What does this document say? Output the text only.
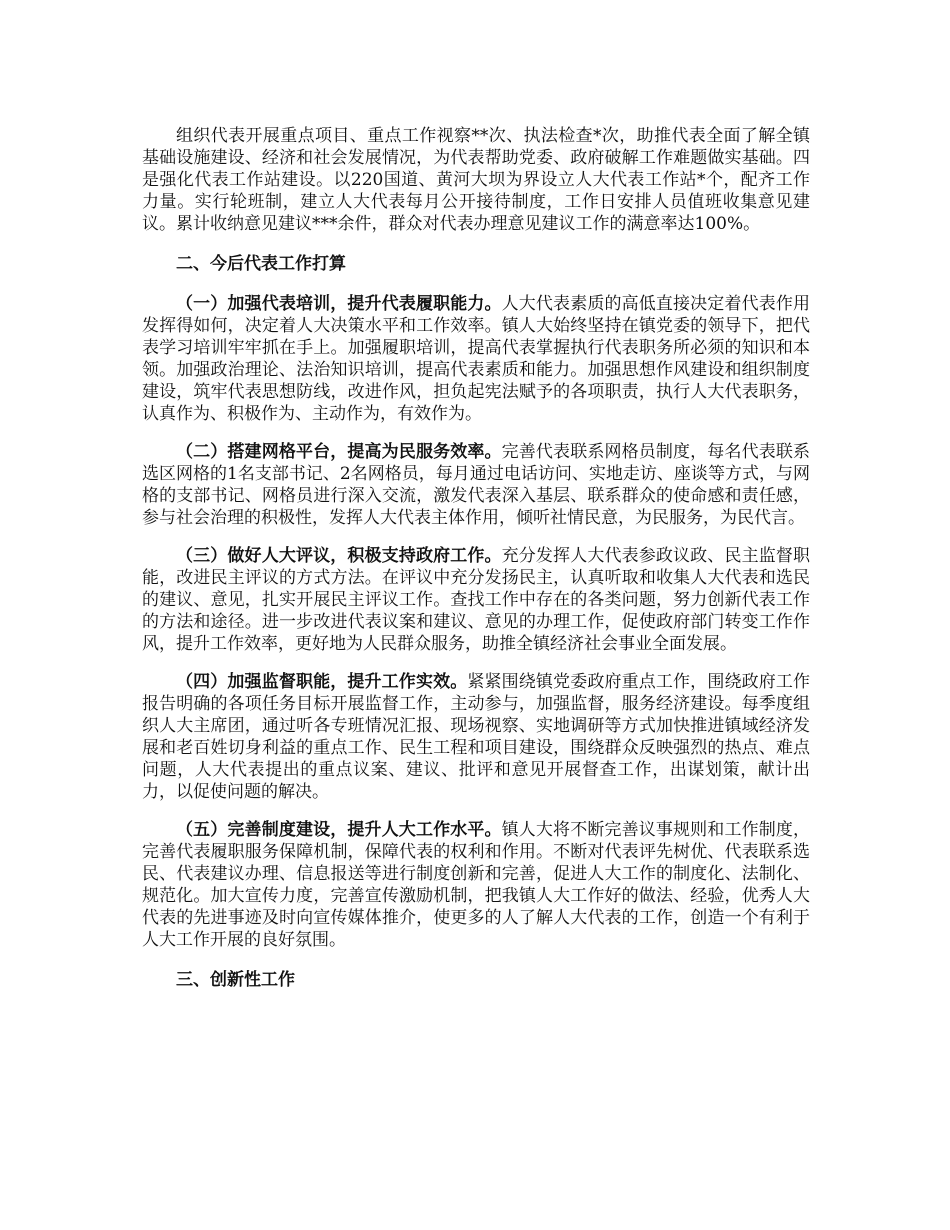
组织代表开展重点项目、重点工作视察**次、执法检查*次，助推代表全面了解全镇基础设施建设、经济和社会发展情况，为代表帮助党委、政府破解工作难题做实基础。四是强化代表工作站建设。以220国道、黄河大坝为界设立人大代表工作站*个，配齐工作力量。实行轮班制，建立人大代表每月公开接待制度，工作日安排人员值班收集意见建议。累计收纳意见建议***余件，群众对代表办理意见建议工作的满意率达100%。

二、今后代表工作打算

（一）加强代表培训，提升代表履职能力。人大代表素质的高低直接决定着代表作用发挥得如何，决定着人大决策水平和工作效率。镇人大始终坚持在镇党委的领导下，把代表学习培训牢牢抓在手上。加强履职培训，提高代表掌握执行代表职务所必须的知识和本领。加强政治理论、法治知识培训，提高代表素质和能力。加强思想作风建设和组织制度建设，筑牢代表思想防线，改进作风，担负起宪法赋予的各项职责，执行人大代表职务，认真作为、积极作为、主动作为，有效作为。

（二）搭建网格平台，提高为民服务效率。完善代表联系网格员制度，每名代表联系选区网格的1名支部书记、2名网格员，每月通过电话访问、实地走访、座谈等方式，与网格的支部书记、网格员进行深入交流，激发代表深入基层、联系群众的使命感和责任感，参与社会治理的积极性，发挥人大代表主体作用，倾听社情民意，为民服务，为民代言。

（三）做好人大评议，积极支持政府工作。充分发挥人大代表参政议政、民主监督职能，改进民主评议的方式方法。在评议中充分发扬民主，认真听取和收集人大代表和选民的建议、意见，扎实开展民主评议工作。查找工作中存在的各类问题，努力创新代表工作的方法和途径。进一步改进代表议案和建议、意见的办理工作，促使政府部门转变工作作风，提升工作效率，更好地为人民群众服务，助推全镇经济社会事业全面发展。

（四）加强监督职能，提升工作实效。紧紧围绕镇党委政府重点工作，围绕政府工作报告明确的各项任务目标开展监督工作，主动参与，加强监督，服务经济建设。每季度组织人大主席团，通过听各专班情况汇报、现场视察、实地调研等方式加快推进镇域经济发展和老百姓切身利益的重点工作、民生工程和项目建设，围绕群众反映强烈的热点、难点问题，人大代表提出的重点议案、建议、批评和意见开展督查工作，出谋划策，献计出力，以促使问题的解决。

（五）完善制度建设，提升人大工作水平。镇人大将不断完善议事规则和工作制度，完善代表履职服务保障机制，保障代表的权利和作用。不断对代表评先树优、代表联系选民、代表建议办理、信息报送等进行制度创新和完善，促进人大工作的制度化、法制化、规范化。加大宣传力度，完善宣传激励机制，把我镇人大工作好的做法、经验，优秀人大代表的先进事迹及时向宣传媒体推介，使更多的人了解人大代表的工作，创造一个有利于人大工作开展的良好氛围。

三、创新性工作
